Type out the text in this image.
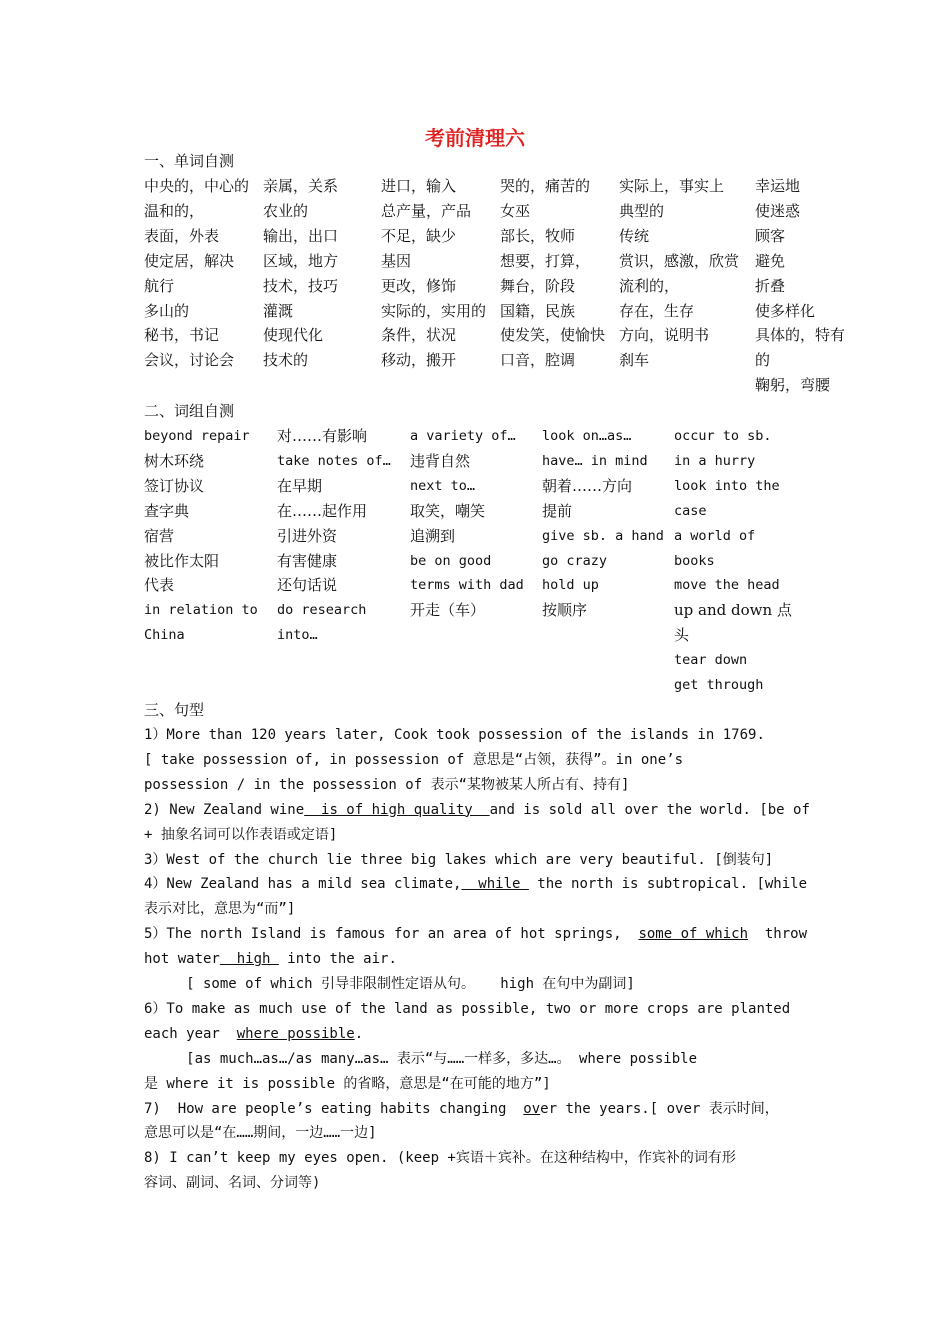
考前清理六
一、单词自测
中央的，中心的
温和的，
表面，外表
使定居，解决
航行
多山的
秘书，书记
会议，讨论会
亲属，关系
农业的
输出，出口
区域，地方
技术，技巧
灌溉
使现代化
技术的
进口，输入
总产量，产品
不足，缺少
基因
更改，修饰
实际的，实用的
条件，状况
移动，搬开
哭的，痛苦的
女巫
部长，牧师
想要，打算，
舞台，阶段
国籍，民族
使发笑，使愉快
口音，腔调
实际上，事实上
典型的
传统
赏识，感激，欣赏
流利的，
存在，生存
方向，说明书
刹车
幸运地
使迷惑
顾客
避免
折叠
使多样化
具体的，特有
的
鞠躬，弯腰
二、词组自测
beyond repair
树木环绕
签订协议
查字典
宿营
被比作太阳
代表
in relation to
China
对……有影响
take notes of…
在早期
在……起作用
引进外资
有害健康
还句话说
do research
into…
a variety of…
违背自然
next to…
取笑，嘲笑
追溯到
be on good
terms with dad
开走（车）
look on…as…
have… in mind
朝着……方向
提前
give sb. a hand
go crazy
hold up
按顺序
occur to sb.
in a hurry
look into the
case
a world of
books
move the head
up and down 点
头
tear down
get through
三、句型
1）More than 120 years later, Cook took possession of the islands in 1769.
[ take possession of, in possession of 意思是“占领，获得”。in one’s
possession / in the possession of 表示“某物被某人所占有、持有]
2) New Zealand wine  is of high quality  and is sold all over the world. [be of
+ 抽象名词可以作表语或定语]
3）West of the church lie three big lakes which are very beautiful. [倒装句]
4）New Zealand has a mild sea climate,  while  the north is subtropical. [while
表示对比，意思为“而”]
5）The north Island is famous for an area of hot springs,  some of which  throw
hot water  high  into the air.
[ some of which 引导非限制性定语从句。   high 在句中为副词]
6）To make as much use of the land as possible, two or more crops are planted
each year  where possible.
[as much…as…/as many…as… 表示“与……一样多，多达…。 where possible
是 where it is possible 的省略，意思是“在可能的地方”]
7)  How are people’s eating habits changing  over the years.[ over 表示时间，
意思可以是“在……期间，一边……一边]
8) I can’t keep my eyes open. (keep +宾语＋宾补。在这种结构中，作宾补的词有形
容词、副词、名词、分词等)
